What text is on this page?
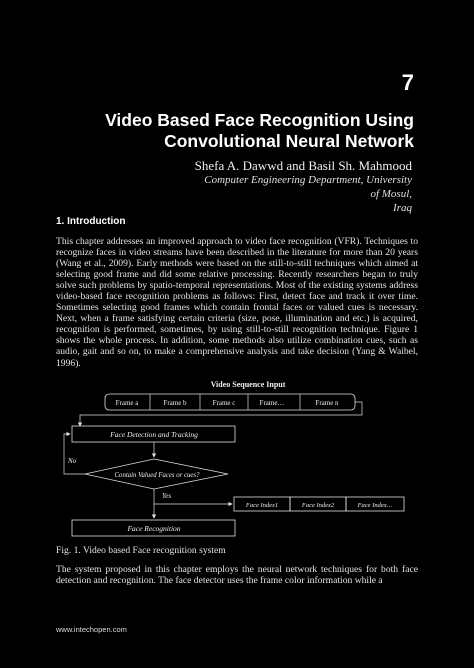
7
Video Based Face Recognition Using
Convolutional Neural Network
Shefa A. Dawwd and Basil Sh. Mahmood
Computer Engineering Department, University of Mosul,
Iraq
1. Introduction
This chapter addresses an improved approach to video face recognition (VFR). Techniques to recognize faces in video streams have been described in the literature for more than 20 years (Wang et al., 2009). Early methods were based on the still-to-still techniques which aimed at selecting good frame and did some relative processing. Recently researchers began to truly solve such problems by spatio-temporal representations. Most of the existing systems address video-based face recognition problems as follows: First, detect face and track it over time. Sometimes selecting good frames which contain frontal faces or valued cues is necessary. Next, when a frame satisfying certain criteria (size, pose, illumination and etc.) is acquired, recognition is performed, sometimes, by using still-to-still recognition technique. Figure 1 shows the whole process. In addition, some methods also utilize combination cues, such as audio, gait and so on, to make a comprehensive analysis and take decision (Yang & Waibel, 1996).
Video Sequence Input
Frame a	Frame b	Frame c	Frame…	Frame n
Face Detection and Tracking
No
Contain Valued Faces or cues?
Yes
Face Index1	Face Index2	Face Index…
Face Recognition
Fig. 1. Video based Face recognition system
The system proposed in this chapter employs the neural network techniques for both face detection and recognition. The face detector uses the frame color information while a
www.intechopen.com
